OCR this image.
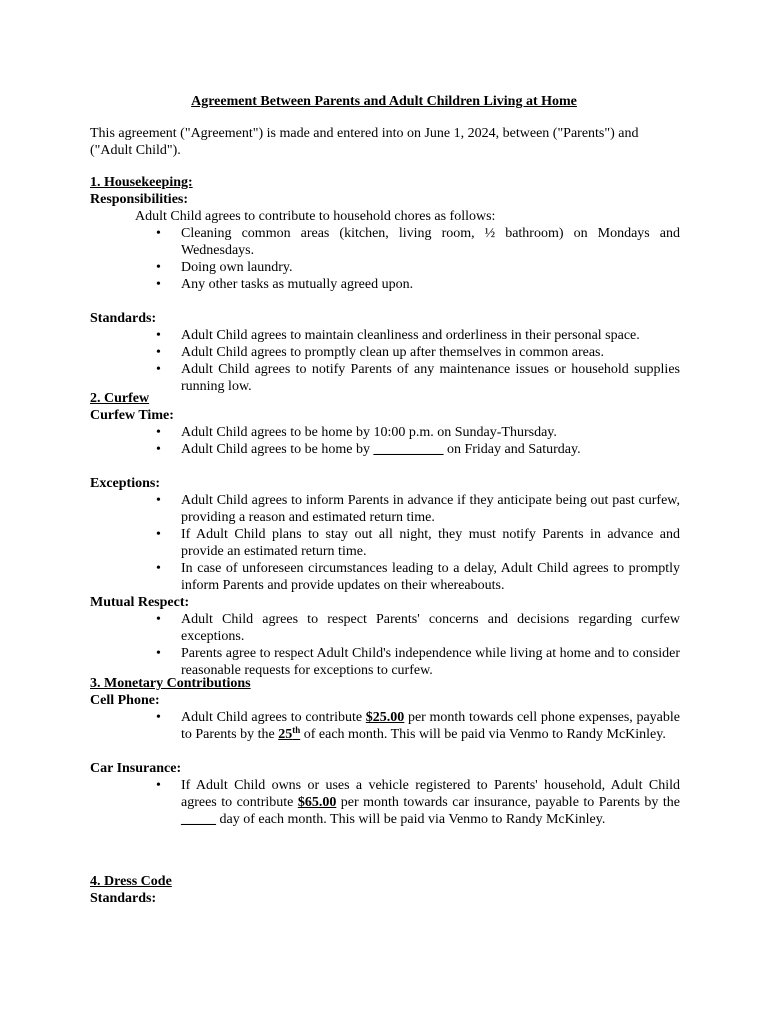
Agreement Between Parents and Adult Children Living at Home
This agreement ("Agreement") is made and entered into on June 1, 2024, between ("Parents") and ("Adult Child").
1. Housekeeping:
Responsibilities:
Adult Child agrees to contribute to household chores as follows:
• Cleaning common areas (kitchen, living room, ½ bathroom) on Mondays and Wednesdays.
• Doing own laundry.
• Any other tasks as mutually agreed upon.
Standards:
• Adult Child agrees to maintain cleanliness and orderliness in their personal space.
• Adult Child agrees to promptly clean up after themselves in common areas.
• Adult Child agrees to notify Parents of any maintenance issues or household supplies running low.
2. Curfew
Curfew Time:
• Adult Child agrees to be home by 10:00 p.m. on Sunday-Thursday.
• Adult Child agrees to be home by __________ on Friday and Saturday.
Exceptions:
• Adult Child agrees to inform Parents in advance if they anticipate being out past curfew, providing a reason and estimated return time.
• If Adult Child plans to stay out all night, they must notify Parents in advance and provide an estimated return time.
• In case of unforeseen circumstances leading to a delay, Adult Child agrees to promptly inform Parents and provide updates on their whereabouts.
Mutual Respect:
• Adult Child agrees to respect Parents' concerns and decisions regarding curfew exceptions.
• Parents agree to respect Adult Child's independence while living at home and to consider reasonable requests for exceptions to curfew.
3. Monetary Contributions
Cell Phone:
• Adult Child agrees to contribute $25.00 per month towards cell phone expenses, payable to Parents by the 25th of each month. This will be paid via Venmo to Randy McKinley.
Car Insurance:
• If Adult Child owns or uses a vehicle registered to Parents' household, Adult Child agrees to contribute $65.00 per month towards car insurance, payable to Parents by the _____ day of each month. This will be paid via Venmo to Randy McKinley.
4. Dress Code
Standards:
